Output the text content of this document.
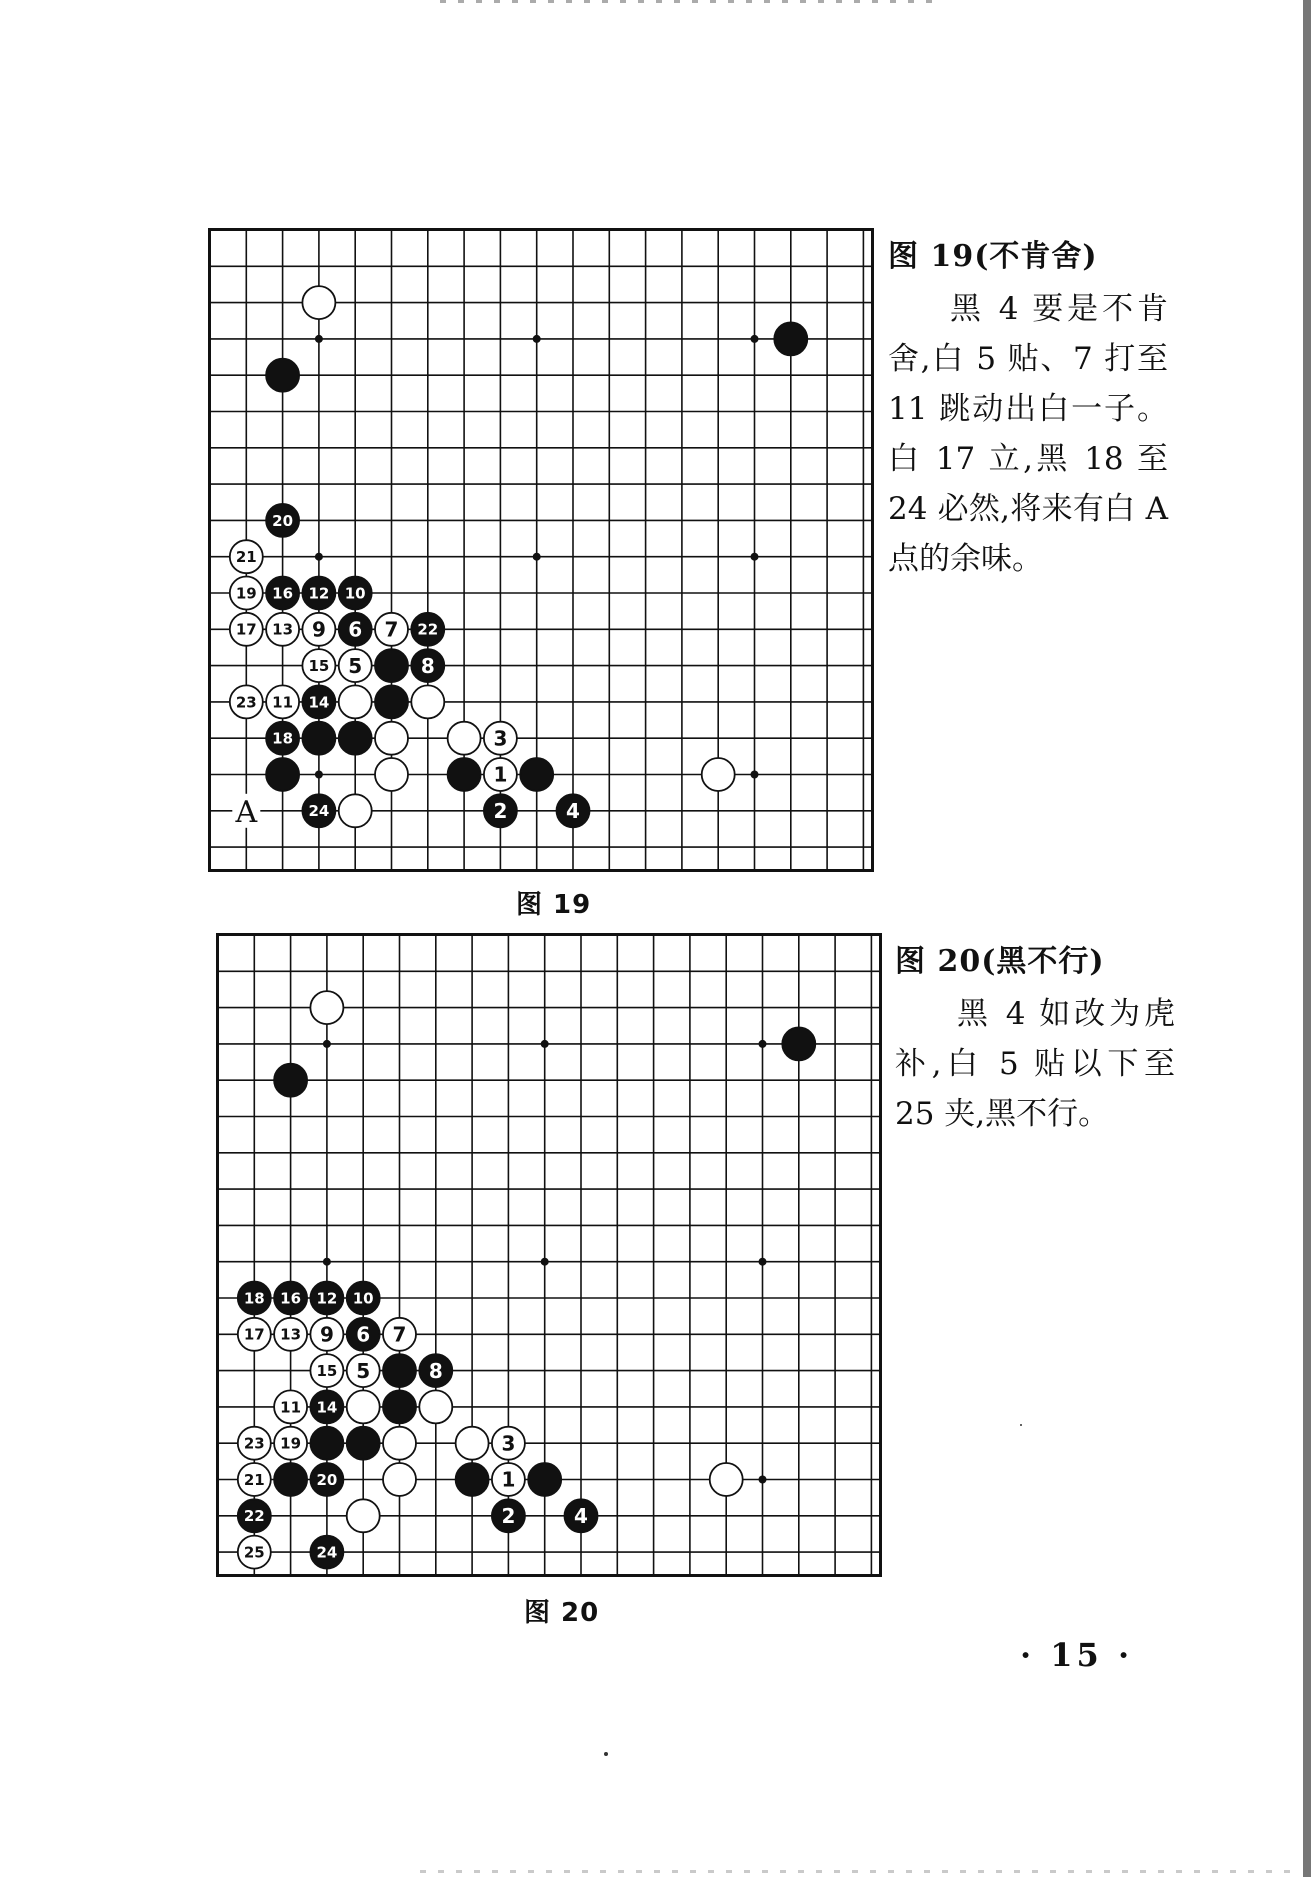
20
21
19 16 12 10
17 13 9 6 7 22
15 5	8
23 11 14
18	3
1
24	2	4
A
图 19
图 19(不肯舍)

黑 4 要是不肯舍,白 5 贴、7 打至 11 跳动出白一子。白 17 立,黑 18 至 24 必然,将来有白 A 点的余味。

18 16 12 10
17 13 9 6 7
15 5	8
11 14
23 19	3
21	20	1
22	2	4
25	24
图 20
图 20(黑不行)

黑 4 如改为虎补,白 5 贴以下至 25 夹,黑不行。

· 15 ·
